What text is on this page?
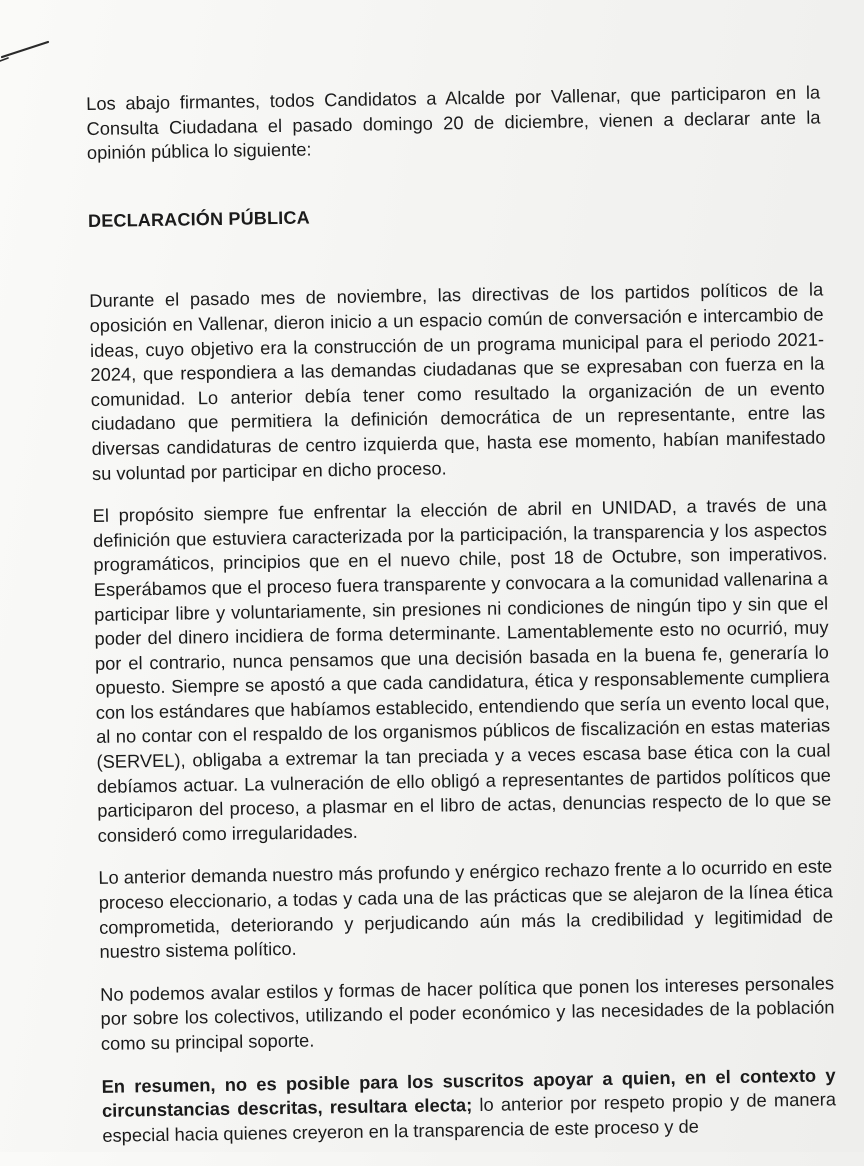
Los abajo firmantes, todos Candidatos a Alcalde por Vallenar, que participaron en la Consulta Ciudadana el pasado domingo 20 de diciembre, vienen a declarar ante la opinión pública lo siguiente:

DECLARACIÓN PÚBLICA

Durante el pasado mes de noviembre, las directivas de los partidos políticos de la oposición en Vallenar, dieron inicio a un espacio común de conversación e intercambio de ideas, cuyo objetivo era la construcción de un programa municipal para el periodo 2021-2024, que respondiera a las demandas ciudadanas que se expresaban con fuerza en la comunidad. Lo anterior debía tener como resultado la organización de un evento ciudadano que permitiera la definición democrática de un representante, entre las diversas candidaturas de centro izquierda que, hasta ese momento, habían manifestado su voluntad por participar en dicho proceso.

El propósito siempre fue enfrentar la elección de abril en UNIDAD, a través de una definición que estuviera caracterizada por la participación, la transparencia y los aspectos programáticos, principios que en el nuevo chile, post 18 de Octubre, son imperativos. Esperábamos que el proceso fuera transparente y convocara a la comunidad vallenarina a participar libre y voluntariamente, sin presiones ni condiciones de ningún tipo y sin que el poder del dinero incidiera de forma determinante. Lamentablemente esto no ocurrió, muy por el contrario, nunca pensamos que una decisión basada en la buena fe, generaría lo opuesto. Siempre se apostó a que cada candidatura, ética y responsablemente cumpliera con los estándares que habíamos establecido, entendiendo que sería un evento local que, al no contar con el respaldo de los organismos públicos de fiscalización en estas materias (SERVEL), obligaba a extremar la tan preciada y a veces escasa base ética con la cual debíamos actuar. La vulneración de ello obligó a representantes de partidos políticos que participaron del proceso, a plasmar en el libro de actas, denuncias respecto de lo que se consideró como irregularidades.

Lo anterior demanda nuestro más profundo y enérgico rechazo frente a lo ocurrido en este proceso eleccionario, a todas y cada una de las prácticas que se alejaron de la línea ética comprometida, deteriorando y perjudicando aún más la credibilidad y legitimidad de nuestro sistema político.

No podemos avalar estilos y formas de hacer política que ponen los intereses personales por sobre los colectivos, utilizando el poder económico y las necesidades de la población como su principal soporte.

En resumen, no es posible para los suscritos apoyar a quien, en el contexto y circunstancias descritas, resultara electa; lo anterior por respeto propio y de manera especial hacia quienes creyeron en la transparencia de este proceso y de
